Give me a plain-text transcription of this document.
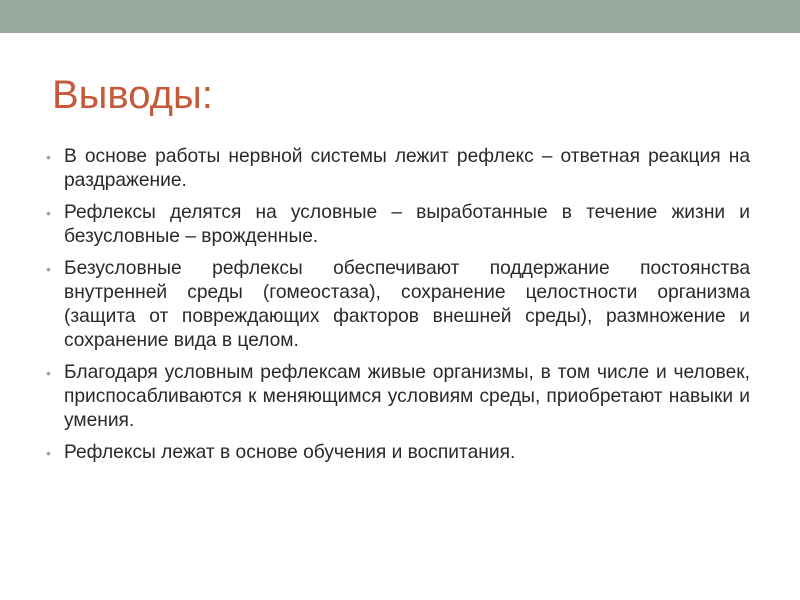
Выводы:
• В основе работы нервной системы лежит рефлекс – ответная реакция на раздражение.
• Рефлексы делятся на условные – выработанные в течение жизни и безусловные – врожденные.
• Безусловные рефлексы обеспечивают поддержание постоянства внутренней среды (гомеостаза), сохранение целостности организма (защита от повреждающих факторов внешней среды), размножение и сохранение вида в целом.
• Благодаря условным рефлексам живые организмы, в том числе и человек, приспосабливаются к меняющимся условиям среды, приобретают навыки и умения.
• Рефлексы лежат в основе обучения и воспитания.
